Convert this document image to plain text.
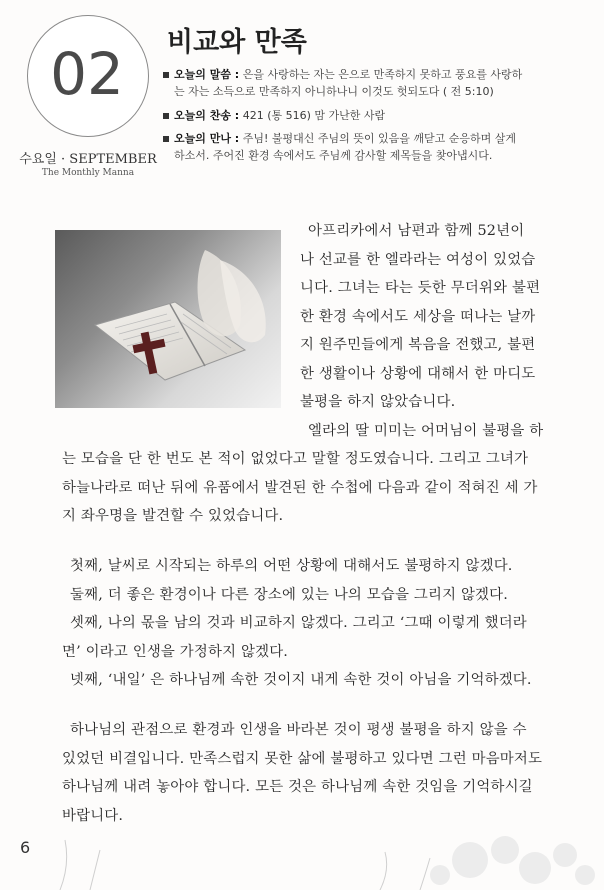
02
수요일 · SEPTEMBER
The Monthly Manna
비교와 만족
오늘의 말씀 : 은을 사랑하는 자는 은으로 만족하지 못하고 풍요를 사랑하
는 자는 소득으로 만족하지 아니하나니 이것도 헛되도다 ( 전 5:10)
오늘의 찬송 : 421 (통 516) 맘 가난한 사람
오늘의 만나 : 주님! 불평대신 주님의 뜻이 있음을 깨닫고 순응하며 살게
하소서. 주어진 환경 속에서도 주님께 감사할 제목들을 찾아냅시다.
아프리카에서 남편과 함께 52년이
나 선교를 한 엘라라는 여성이 있었습
니다. 그녀는 타는 듯한 무더위와 불편
한 환경 속에서도 세상을 떠나는 날까
지 원주민들에게 복음을 전했고, 불편
한 생활이나 상황에 대해서 한 마디도
불평을 하지 않았습니다.
엘라의 딸 미미는 어머님이 불평을 하
는 모습을 단 한 번도 본 적이 없었다고 말할 정도였습니다. 그리고 그녀가
하늘나라로 떠난 뒤에 유품에서 발견된 한 수첩에 다음과 같이 적혀진 세 가
지 좌우명을 발견할 수 있었습니다.
첫째, 날씨로 시작되는 하루의 어떤 상황에 대해서도 불평하지 않겠다.
둘째, 더 좋은 환경이나 다른 장소에 있는 나의 모습을 그리지 않겠다.
셋째, 나의 몫을 남의 것과 비교하지 않겠다. 그리고 ‘그때 이렇게 했더라
면’ 이라고 인생을 가정하지 않겠다.
넷째, ‘내일’ 은 하나님께 속한 것이지 내게 속한 것이 아님을 기억하겠다.
하나님의 관점으로 환경과 인생을 바라본 것이 평생 불평을 하지 않을 수
있었던 비결입니다. 만족스럽지 못한 삶에 불평하고 있다면 그런 마음마저도
하나님께 내려 놓아야 합니다. 모든 것은 하나님께 속한 것임을 기억하시길
바랍니다.
6
